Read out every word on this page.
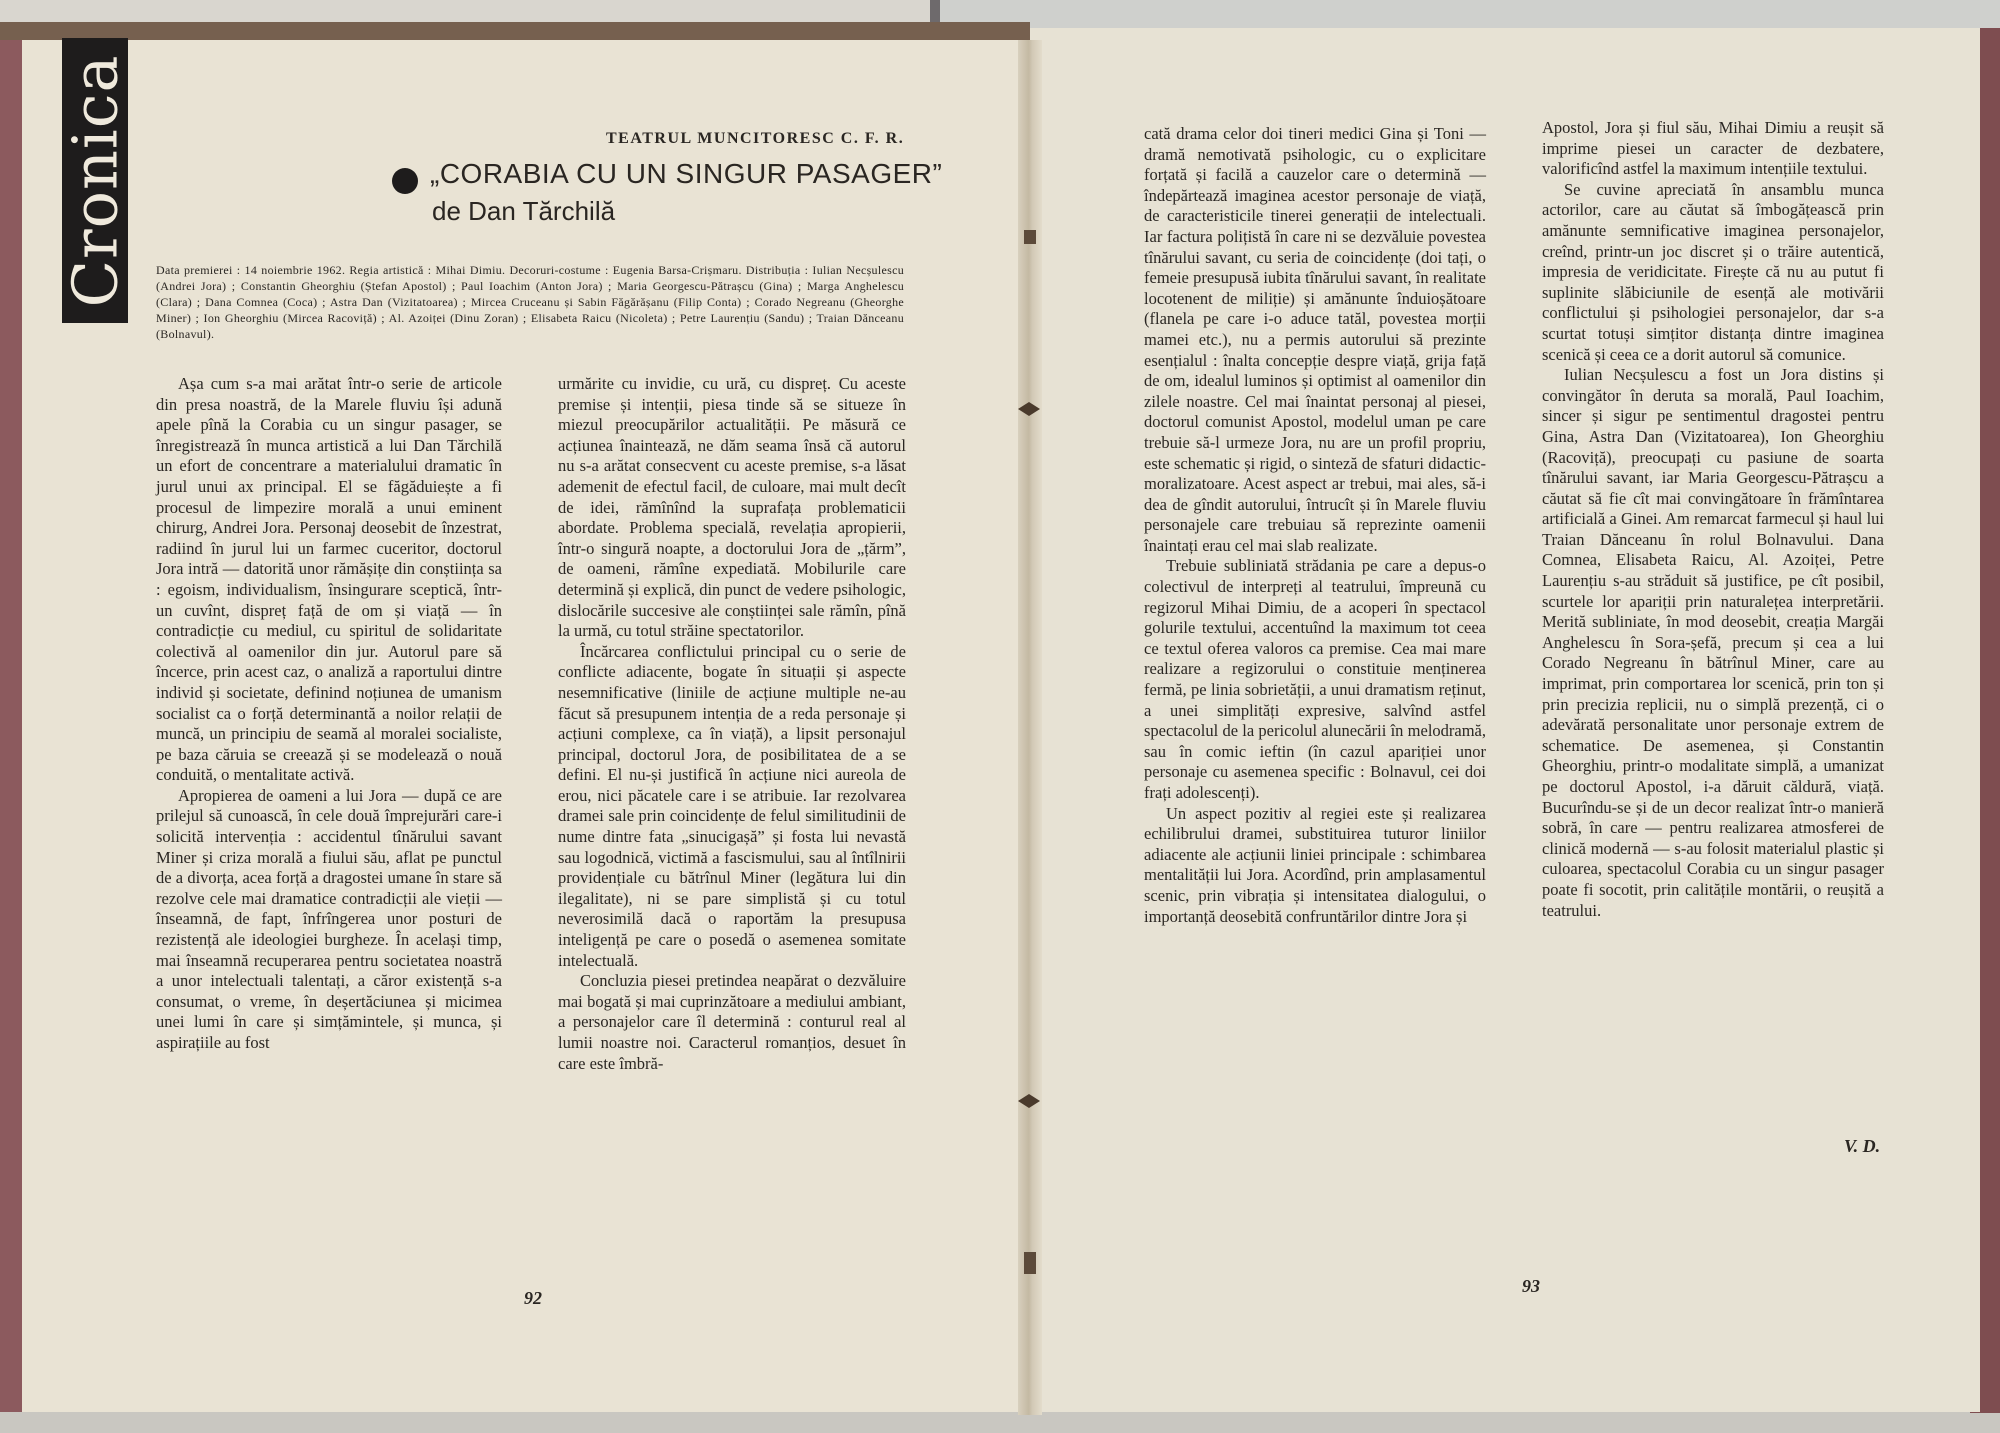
Cronica	TEATRUL MUNCITORESC C. F. R.
„CORABIA CU UN SINGUR PASAGER”
de Dan Tărchilă
Data premierei : 14 noiembrie 1962. Regia artistică : Mihai Dimiu. Decoruri-costume : Eugenia Barsa-Crișmaru. Distribuția : Iulian Necșulescu (Andrei Jora) ; Constantin Gheorghiu (Ștefan Apostol) ; Paul Ioachim (Anton Jora) ; Maria Georgescu-Pătrașcu (Gina) ; Marga Anghelescu (Clara) ; Dana Comnea (Coca) ; Astra Dan (Vizitatoarea) ; Mircea Cruceanu și Sabin Făgărășanu (Filip Conta) ; Corado Negreanu (Gheorghe Miner) ; Ion Gheorghiu (Mircea Racoviță) ; Al. Azoiței (Dinu Zoran) ; Elisabeta Raicu (Nicoleta) ; Petre Laurențiu (Sandu) ; Traian Dănceanu (Bolnavul).

Așa cum s-a mai arătat într-o serie de articole din presa noastră, de la Marele fluviu își adună apele pînă la Corabia cu un singur pasager, se înregistrează în munca artistică a lui Dan Tărchilă un efort de concentrare a materialului dramatic în jurul unui ax principal. El se făgăduiește a fi procesul de limpezire morală a unui eminent chirurg, Andrei Jora. Personaj deosebit de înzestrat, radiind în jurul lui un farmec cuceritor, doctorul Jora intră — datorită unor rămășițe din conștiința sa : egoism, individualism, însingurare sceptică, într-un cuvînt, dispreț față de om și viață — în contradicție cu mediul, cu spiritul de solidaritate colectivă al oamenilor din jur. Autorul pare să încerce, prin acest caz, o analiză a raportului dintre individ și societate, definind noțiunea de umanism socialist ca o forță determinantă a noilor relații de muncă, un principiu de seamă al moralei socialiste, pe baza căruia se creează și se modelează o nouă conduită, o mentalitate activă.

Apropierea de oameni a lui Jora — după ce are prilejul să cunoască, în cele două împrejurări care-i solicită intervenția : accidentul tînărului savant Miner și criza morală a fiului său, aflat pe punctul de a divorța, acea forță a dragostei umane în stare să rezolve cele mai dramatice contradicții ale vieții — înseamnă, de fapt, înfrîngerea unor posturi de rezistență ale ideologiei burgheze. În același timp, mai înseamnă recuperarea pentru societatea noastră a unor intelectuali talentați, a căror existență s-a consumat, o vreme, în deșertăciunea și micimea unei lumi în care și simțămintele, și munca, și aspirațiile au fost

urmărite cu invidie, cu ură, cu dispreț. Cu aceste premise și intenții, piesa tinde să se situeze în miezul preocupărilor actualității. Pe măsură ce acțiunea înaintează, ne dăm seama însă că autorul nu s-a arătat consecvent cu aceste premise, s-a lăsat ademenit de efectul facil, de culoare, mai mult decît de idei, rămînînd la suprafața problematicii abordate. Problema specială, revelația apropierii, într-o singură noapte, a doctorului Jora de „țărm”, de oameni, rămîne expediată. Mobilurile care determină și explică, din punct de vedere psihologic, dislocările succesive ale conștiinței sale rămîn, pînă la urmă, cu totul străine spectatorilor.

Încărcarea conflictului principal cu o serie de conflicte adiacente, bogate în situații și aspecte nesemnificative (liniile de acțiune multiple ne-au făcut să presupunem intenția de a reda personaje și acțiuni complexe, ca în viață), a lipsit personajul principal, doctorul Jora, de posibilitatea de a se defini. El nu-și justifică în acțiune nici aureola de erou, nici păcatele care i se atribuie. Iar rezolvarea dramei sale prin coincidențe de felul similitudinii de nume dintre fata „sinucigașă” și fosta lui nevastă sau logodnică, victimă a fascismului, sau al întîlnirii providențiale cu bătrînul Miner (legătura lui din ilegalitate), ni se pare simplistă și cu totul neverosimilă dacă o raportăm la presupusa inteligență pe care o posedă o asemenea somitate intelectuală.

Concluzia piesei pretindea neapărat o dezvăluire mai bogată și mai cuprinzătoare a mediului ambiant, a personajelor care îl determină : conturul real al lumii noastre noi. Caracterul romanțios, desuet în care este îmbră-

cată drama celor doi tineri medici Gina și Toni — dramă nemotivată psihologic, cu o explicitare forțată și facilă a cauzelor care o determină — îndepărtează imaginea acestor personaje de viață, de caracteristicile tinerei generații de intelectuali. Iar factura polițistă în care ni se dezvăluie povestea tînărului savant, cu seria de coincidențe (doi tați, o femeie presupusă iubita tînărului savant, în realitate locotenent de miliție) și amănunte înduioșătoare (flanela pe care i-o aduce tatăl, povestea morții mamei etc.), nu a permis autorului să prezinte esențialul : înalta concepție despre viață, grija față de om, idealul luminos și optimist al oamenilor din zilele noastre. Cel mai înaintat personaj al piesei, doctorul comunist Apostol, modelul uman pe care trebuie să-l urmeze Jora, nu are un profil propriu, este schematic și rigid, o sinteză de sfaturi didactic-moralizatoare. Acest aspect ar trebui, mai ales, să-i dea de gîndit autorului, întrucît și în Marele fluviu personajele care trebuiau să reprezinte oamenii înaintați erau cel mai slab realizate.

Trebuie subliniată strădania pe care a depus-o colectivul de interpreți al teatrului, împreună cu regizorul Mihai Dimiu, de a acoperi în spectacol golurile textului, accentuînd la maximum tot ceea ce textul oferea valoros ca premise. Cea mai mare realizare a regizorului o constituie menținerea fermă, pe linia sobrietății, a unui dramatism reținut, a unei simplități expresive, salvînd astfel spectacolul de la pericolul alunecării în melodramă, sau în comic ieftin (în cazul apariției unor personaje cu asemenea specific : Bolnavul, cei doi frați adolescenți).

Un aspect pozitiv al regiei este și realizarea echilibrului dramei, substituirea tuturor liniilor adiacente ale acțiunii liniei principale : schimbarea mentalității lui Jora. Acordînd, prin amplasamentul scenic, prin vibrația și intensitatea dialogului, o importanță deosebită confruntărilor dintre Jora și

Apostol, Jora și fiul său, Mihai Dimiu a reușit să imprime piesei un caracter de dezbatere, valorificînd astfel la maximum intențiile textului.

Se cuvine apreciată în ansamblu munca actorilor, care au căutat să îmbogățească prin amănunte semnificative imaginea personajelor, creînd, printr-un joc discret și o trăire autentică, impresia de veridicitate. Firește că nu au putut fi suplinite slăbiciunile de esență ale motivării conflictului și psihologiei personajelor, dar s-a scurtat totuși simțitor distanța dintre imaginea scenică și ceea ce a dorit autorul să comunice.

Iulian Necșulescu a fost un Jora distins și convingător în deruta sa morală, Paul Ioachim, sincer și sigur pe sentimentul dragostei pentru Gina, Astra Dan (Vizitatoarea), Ion Gheorghiu (Racoviță), preocupați cu pasiune de soarta tînărului savant, iar Maria Georgescu-Pătrașcu a căutat să fie cît mai convingătoare în frămîntarea artificială a Ginei. Am remarcat farmecul și haul lui Traian Dănceanu în rolul Bolnavului. Dana Comnea, Elisabeta Raicu, Al. Azoiței, Petre Laurențiu s-au străduit să justifice, pe cît posibil, scurtele lor apariții prin naturalețea interpretării. Merită subliniate, în mod deosebit, creația Margăi Anghelescu în Sora-șefă, precum și cea a lui Corado Negreanu în bătrînul Miner, care au imprimat, prin comportarea lor scenică, prin ton și prin precizia replicii, nu o simplă prezență, ci o adevărată personalitate unor personaje extrem de schematice. De asemenea, și Constantin Gheorghiu, printr-o modalitate simplă, a umanizat pe doctorul Apostol, i-a dăruit căldură, viață. Bucurîndu-se și de un decor realizat într-o manieră sobră, în care — pentru realizarea atmosferei de clinică modernă — s-au folosit materialul plastic și culoarea, spectacolul Corabia cu un singur pasager poate fi socotit, prin calitățile montării, o reușită a teatrului.

V. D.
92
93
